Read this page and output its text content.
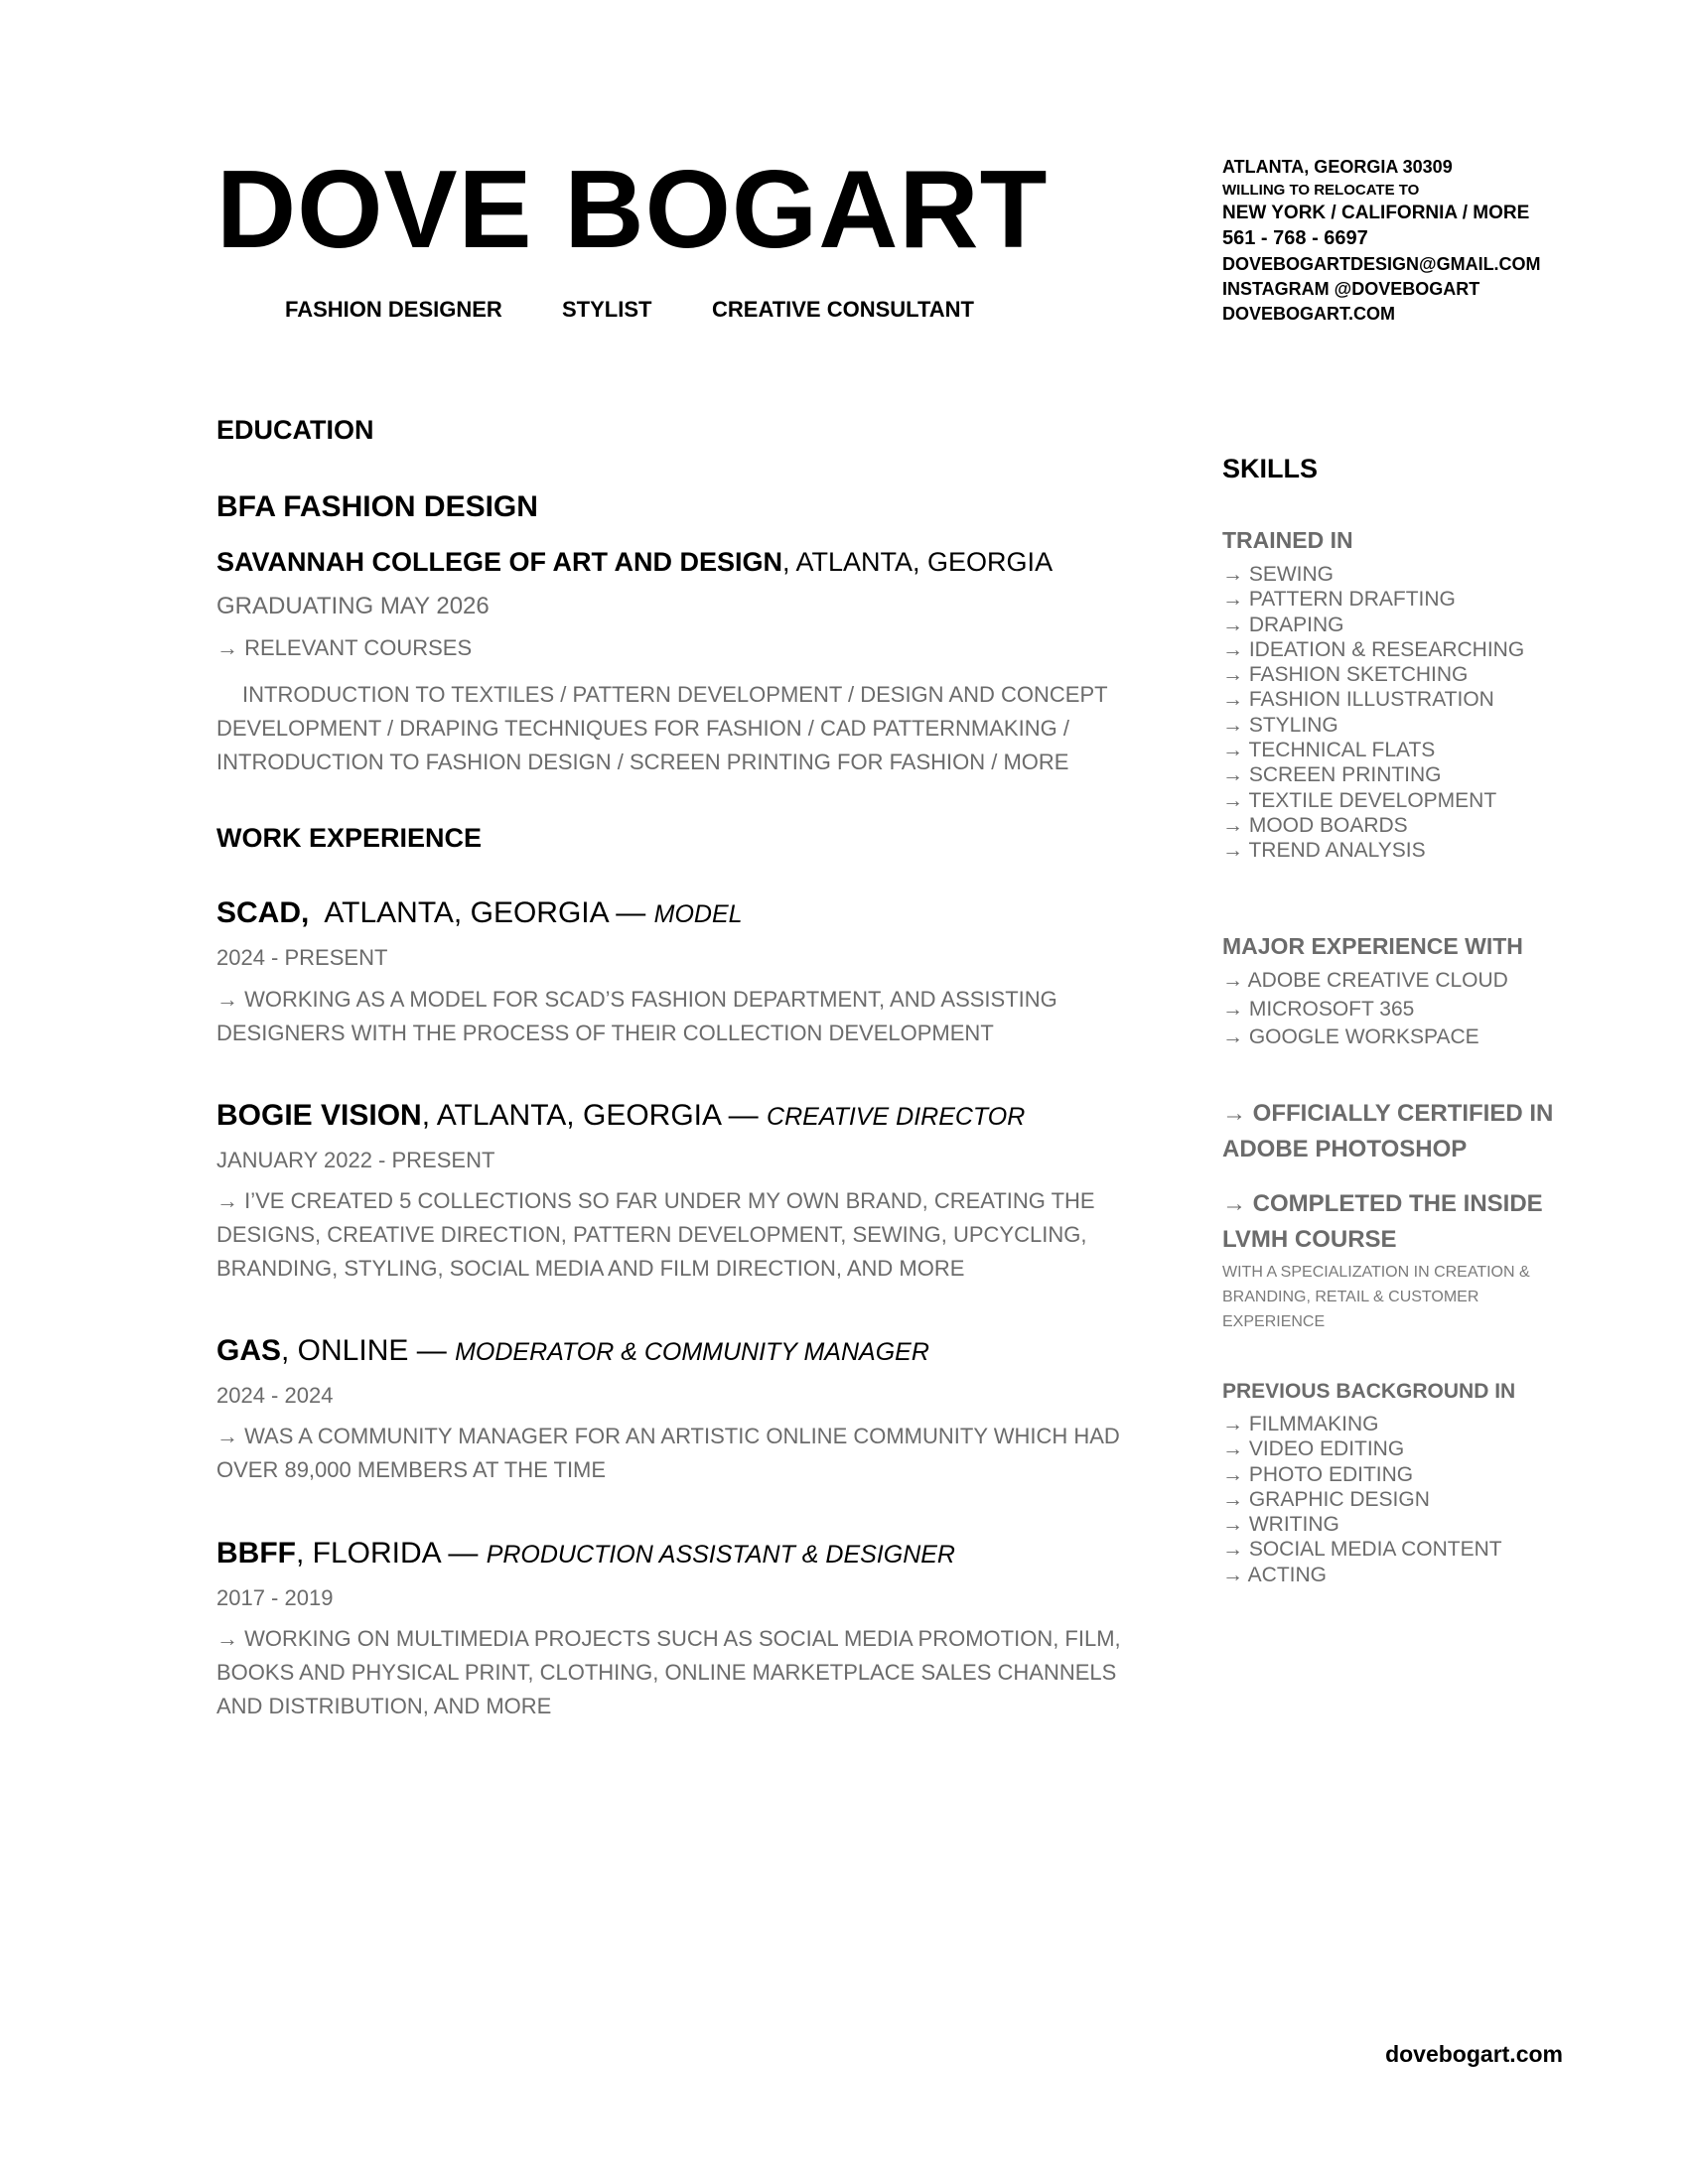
DOVE BOGART
FASHION DESIGNER	STYLIST	CREATIVE CONSULTANT
ATLANTA, GEORGIA 30309
WILLING TO RELOCATE TO
NEW YORK / CALIFORNIA / MORE
561 - 768 - 6697
DOVEBOGARTDESIGN@GMAIL.COM
INSTAGRAM @DOVEBOGART
DOVEBOGART.COM
EDUCATION
BFA FASHION DESIGN
SAVANNAH COLLEGE OF ART AND DESIGN, ATLANTA, GEORGIA
GRADUATING MAY 2026
→ RELEVANT COURSES
INTRODUCTION TO TEXTILES / PATTERN DEVELOPMENT / DESIGN AND CONCEPT DEVELOPMENT / DRAPING TECHNIQUES FOR FASHION / CAD PATTERNMAKING / INTRODUCTION TO FASHION DESIGN / SCREEN PRINTING FOR FASHION / MORE
WORK EXPERIENCE
SCAD,  ATLANTA, GEORGIA — MODEL
2024 - PRESENT
→ WORKING AS A MODEL FOR SCAD’S FASHION DEPARTMENT, AND ASSISTING DESIGNERS WITH THE PROCESS OF THEIR COLLECTION DEVELOPMENT
BOGIE VISION, ATLANTA, GEORGIA — CREATIVE DIRECTOR
JANUARY 2022 - PRESENT
→ I’VE CREATED 5 COLLECTIONS SO FAR UNDER MY OWN BRAND, CREATING THE DESIGNS, CREATIVE DIRECTION, PATTERN DEVELOPMENT, SEWING, UPCYCLING, BRANDING, STYLING, SOCIAL MEDIA AND FILM DIRECTION, AND MORE
GAS, ONLINE — MODERATOR & COMMUNITY MANAGER
2024 - 2024
→ WAS A COMMUNITY MANAGER FOR AN ARTISTIC ONLINE COMMUNITY WHICH HAD OVER 89,000 MEMBERS AT THE TIME
BBFF, FLORIDA — PRODUCTION ASSISTANT & DESIGNER
2017 - 2019
→ WORKING ON MULTIMEDIA PROJECTS SUCH AS SOCIAL MEDIA PROMOTION, FILM, BOOKS AND PHYSICAL PRINT, CLOTHING, ONLINE MARKETPLACE SALES CHANNELS AND DISTRIBUTION, AND MORE
SKILLS
TRAINED IN
→ SEWING
→ PATTERN DRAFTING
→ DRAPING
→ IDEATION & RESEARCHING
→ FASHION SKETCHING
→ FASHION ILLUSTRATION
→ STYLING
→ TECHNICAL FLATS
→ SCREEN PRINTING
→ TEXTILE DEVELOPMENT
→ MOOD BOARDS
→ TREND ANALYSIS
MAJOR EXPERIENCE WITH
→ ADOBE CREATIVE CLOUD
→ MICROSOFT 365
→ GOOGLE WORKSPACE
→ OFFICIALLY CERTIFIED IN ADOBE PHOTOSHOP
→ COMPLETED THE INSIDE LVMH COURSE
WITH A SPECIALIZATION IN CREATION & BRANDING, RETAIL & CUSTOMER EXPERIENCE
PREVIOUS BACKGROUND IN
→ FILMMAKING
→ VIDEO EDITING
→ PHOTO EDITING
→ GRAPHIC DESIGN
→ WRITING
→ SOCIAL MEDIA CONTENT
→ ACTING
dovebogart.com
